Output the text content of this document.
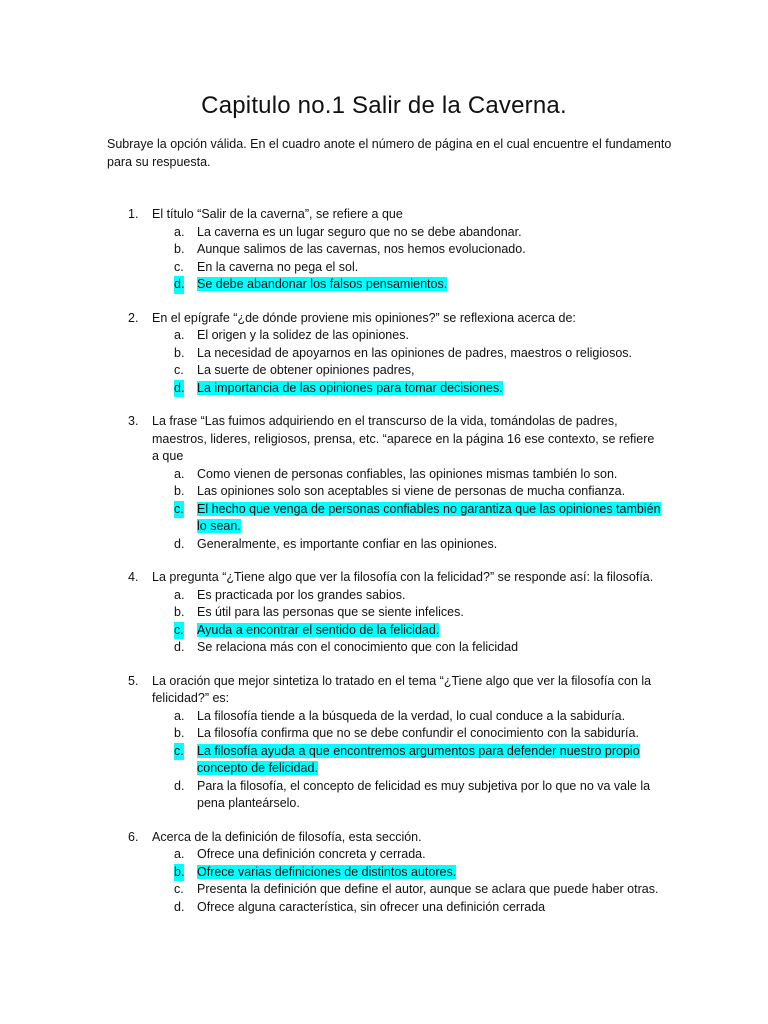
Capitulo no.1 Salir de la Caverna.

Subraye la opción válida. En el cuadro anote el número de página en el cual encuentre el fundamento para su respuesta.

1. El título “Salir de la caverna”, se refiere a que
a. La caverna es un lugar seguro que no se debe abandonar.
b. Aunque salimos de las cavernas, nos hemos evolucionado.
c. En la caverna no pega el sol.
d. Se debe abandonar los falsos pensamientos.
2. En el epígrafe “¿de dónde proviene mis opiniones?” se reflexiona acerca de:
a. El origen y la solidez de las opiniones.
b. La necesidad de apoyarnos en las opiniones de padres, maestros o religiosos.
c. La suerte de obtener opiniones padres,
d. La importancia de las opiniones para tomar decisiones.
3. La frase “Las fuimos adquiriendo en el transcurso de la vida, tomándolas de padres, maestros, lideres, religiosos, prensa, etc. “aparece en la página 16 ese contexto, se refiere a que
a. Como vienen de personas confiables, las opiniones mismas también lo son.
b. Las opiniones solo son aceptables si viene de personas de mucha confianza.
c. El hecho que venga de personas confiables no garantiza que las opiniones también lo sean.
d. Generalmente, es importante confiar en las opiniones.
4. La pregunta “¿Tiene algo que ver la filosofía con la felicidad?” se responde así: la filosofía.
a. Es practicada por los grandes sabios.
b. Es útil para las personas que se siente infelices.
c. Ayuda a encontrar el sentido de la felicidad.
d. Se relaciona más con el conocimiento que con la felicidad
5. La oración que mejor sintetiza lo tratado en el tema “¿Tiene algo que ver la filosofía con la felicidad?” es:
a. La filosofía tiende a la búsqueda de la verdad, lo cual conduce a la sabiduría.
b. La filosofía confirma que no se debe confundir el conocimiento con la sabiduría.
c. La filosofía ayuda a que encontremos argumentos para defender nuestro propio concepto de felicidad.
d. Para la filosofía, el concepto de felicidad es muy subjetiva por lo que no va vale la pena planteárselo.
6. Acerca de la definición de filosofía, esta sección.
a. Ofrece una definición concreta y cerrada.
b. Ofrece varias definiciones de distintos autores.
c. Presenta la definición que define el autor, aunque se aclara que puede haber otras.
d. Ofrece alguna característica, sin ofrecer una definición cerrada
